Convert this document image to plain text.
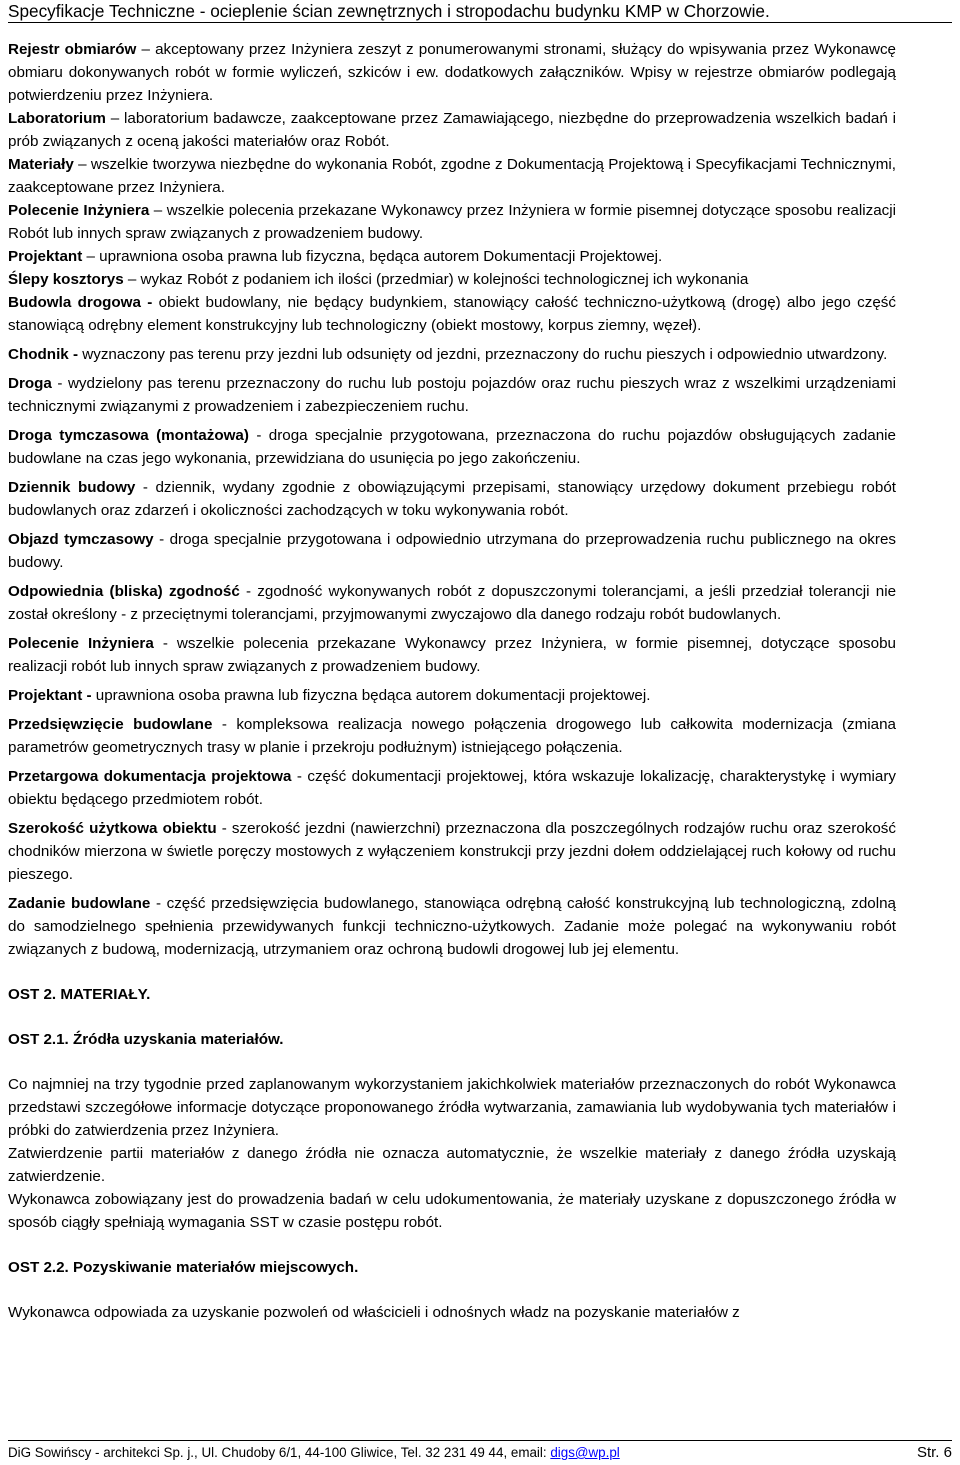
Specyfikacje Techniczne - ocieplenie ścian zewnętrznych i stropodachu budynku KMP w Chorzowie.

Rejestr obmiarów – akceptowany przez Inżyniera zeszyt z ponumerowanymi stronami, służący do wpisywania przez Wykonawcę obmiaru dokonywanych robót w formie wyliczeń, szkiców i ew. dodatkowych załączników. Wpisy w rejestrze obmiarów podlegają potwierdzeniu przez Inżyniera.

Laboratorium – laboratorium badawcze, zaakceptowane przez Zamawiającego, niezbędne do przeprowadzenia wszelkich badań i prób związanych z oceną jakości materiałów oraz Robót.

Materiały – wszelkie tworzywa niezbędne do wykonania Robót, zgodne z Dokumentacją Projektową i Specyfikacjami Technicznymi, zaakceptowane przez Inżyniera.

Polecenie Inżyniera – wszelkie polecenia przekazane Wykonawcy przez Inżyniera w formie pisemnej dotyczące sposobu realizacji Robót lub innych spraw związanych z prowadzeniem budowy.

Projektant – uprawniona osoba prawna lub fizyczna, będąca autorem Dokumentacji Projektowej.

Ślepy kosztorys – wykaz Robót z podaniem ich ilości (przedmiar) w kolejności technologicznej ich wykonania

Budowla drogowa - obiekt budowlany, nie będący budynkiem, stanowiący całość techniczno-użytkową (drogę) albo jego część stanowiącą odrębny element konstrukcyjny lub technologiczny (obiekt mostowy, korpus ziemny, węzeł).

Chodnik - wyznaczony pas terenu przy jezdni lub odsunięty od jezdni, przeznaczony do ruchu pieszych i odpowiednio utwardzony.

Droga - wydzielony pas terenu przeznaczony do ruchu lub postoju pojazdów oraz ruchu pieszych wraz z wszelkimi urządzeniami technicznymi związanymi z prowadzeniem i zabezpieczeniem ruchu.

Droga tymczasowa (montażowa) - droga specjalnie przygotowana, przeznaczona do ruchu pojazdów obsługujących zadanie budowlane na czas jego wykonania, przewidziana do usunięcia po jego zakończeniu.

Dziennik budowy - dziennik, wydany zgodnie z obowiązującymi przepisami, stanowiący urzędowy dokument przebiegu robót budowlanych oraz zdarzeń i okoliczności zachodzących w toku wykonywania robót.

Objazd tymczasowy - droga specjalnie przygotowana i odpowiednio utrzymana do przeprowadzenia ruchu publicznego na okres budowy.

Odpowiednia (bliska) zgodność - zgodność wykonywanych robót z dopuszczonymi tolerancjami, a jeśli przedział tolerancji nie został określony - z przeciętnymi tolerancjami, przyjmowanymi zwyczajowo dla danego rodzaju robót budowlanych.

Polecenie Inżyniera - wszelkie polecenia przekazane Wykonawcy przez Inżyniera, w formie pisemnej, dotyczące sposobu realizacji robót lub innych spraw związanych z prowadzeniem budowy.

Projektant - uprawniona osoba prawna lub fizyczna będąca autorem dokumentacji projektowej.

Przedsięwzięcie budowlane - kompleksowa realizacja nowego połączenia drogowego lub całkowita modernizacja (zmiana parametrów geometrycznych trasy w planie i przekroju podłużnym) istniejącego połączenia.

Przetargowa dokumentacja projektowa - część dokumentacji projektowej, która wskazuje lokalizację, charakterystykę i wymiary obiektu będącego przedmiotem robót.

Szerokość użytkowa obiektu - szerokość jezdni (nawierzchni) przeznaczona dla poszczególnych rodzajów ruchu oraz szerokość chodników mierzona w świetle poręczy mostowych z wyłączeniem konstrukcji przy jezdni dołem oddzielającej ruch kołowy od ruchu pieszego.

Zadanie budowlane - część przedsięwzięcia budowlanego, stanowiąca odrębną całość konstrukcyjną lub technologiczną, zdolną do samodzielnego spełnienia przewidywanych funkcji techniczno-użytkowych. Zadanie może polegać na wykonywaniu robót związanych z budową, modernizacją, utrzymaniem oraz ochroną budowli drogowej lub jej elementu.

OST 2. MATERIAŁY.

OST 2.1. Źródła uzyskania materiałów.

Co najmniej na trzy tygodnie przed zaplanowanym wykorzystaniem jakichkolwiek materiałów przeznaczonych do robót Wykonawca przedstawi szczegółowe informacje dotyczące proponowanego źródła wytwarzania, zamawiania lub wydobywania tych materiałów i próbki do zatwierdzenia przez Inżyniera.

Zatwierdzenie partii materiałów z danego źródła nie oznacza automatycznie, że wszelkie materiały z danego źródła uzyskają zatwierdzenie.

Wykonawca zobowiązany jest do prowadzenia badań w celu udokumentowania, że materiały uzyskane z dopuszczonego źródła w sposób ciągły spełniają wymagania SST w czasie postępu robót.

OST 2.2. Pozyskiwanie materiałów miejscowych.

Wykonawca odpowiada za uzyskanie pozwoleń od właścicieli i odnośnych władz na pozyskanie materiałów z

DiG Sowińscy - architekci Sp. j., Ul. Chudoby 6/1, 44-100 Gliwice, Tel. 32 231 49 44, email: digs@wp.pl	Str. 6
